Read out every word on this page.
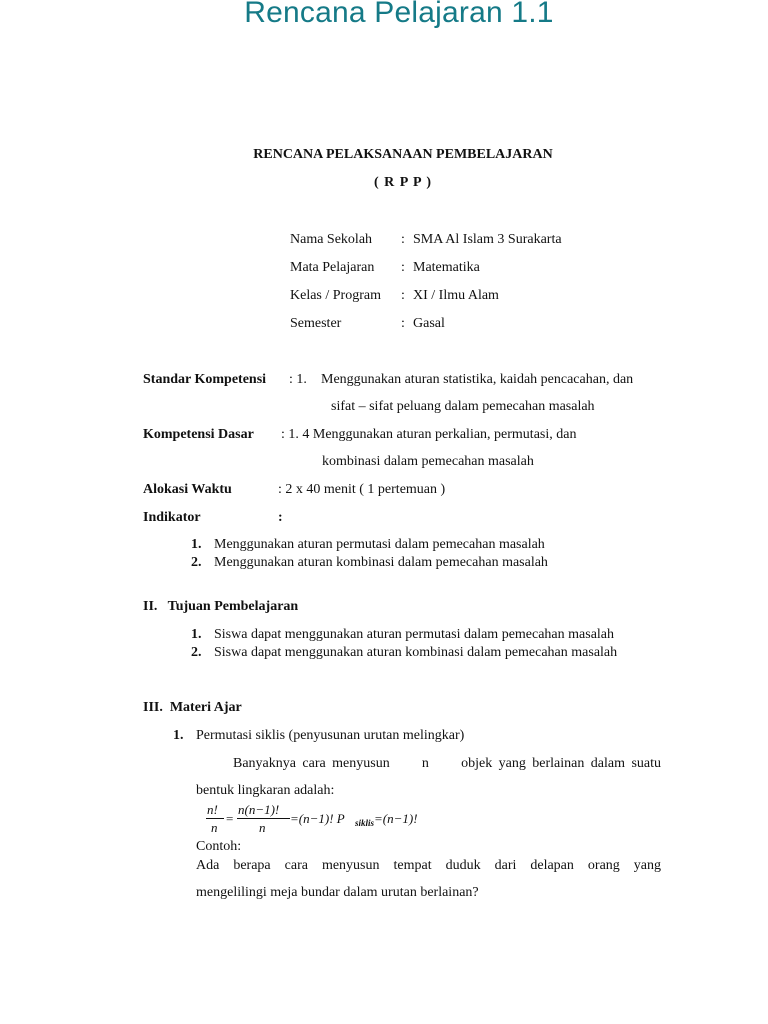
Rencana Pelajaran 1.1
RENCANA PELAKSANAAN PEMBELAJARAN
( R P P )
Nama Sekolah : SMA Al Islam 3 Surakarta
Mata Pelajaran : Matematika
Kelas / Program : XI / Ilmu Alam
Semester	: Gasal
Standar Kompetensi : 1. Menggunakan aturan statistika, kaidah pencacahan, dan
sifat – sifat peluang dalam pemecahan masalah
Kompetensi Dasar : 1. 4 Menggunakan aturan perkalian, permutasi, dan
kombinasi dalam pemecahan masalah
Alokasi Waktu	: 2 x 40 menit ( 1 pertemuan )
Indikator	:
1. Menggunakan aturan permutasi dalam pemecahan masalah
2. Menggunakan aturan kombinasi dalam pemecahan masalah
II.   Tujuan Pembelajaran
1. Siswa dapat menggunakan aturan permutasi dalam pemecahan masalah
2. Siswa dapat menggunakan aturan kombinasi dalam pemecahan masalah
III.  Materi Ajar
1. Permutasi siklis (penyusunan urutan melingkar)
Banyaknya cara menyusun     n     objek yang berlainan dalam suatu
bentuk lingkaran adalah:
n!
n
=
n(n−1)!
n
=(n−1)! P siklis =(n−1)!
Contoh:
Ada berapa cara menyusun tempat duduk dari delapan orang yang
mengelilingi meja bundar dalam urutan berlainan?
